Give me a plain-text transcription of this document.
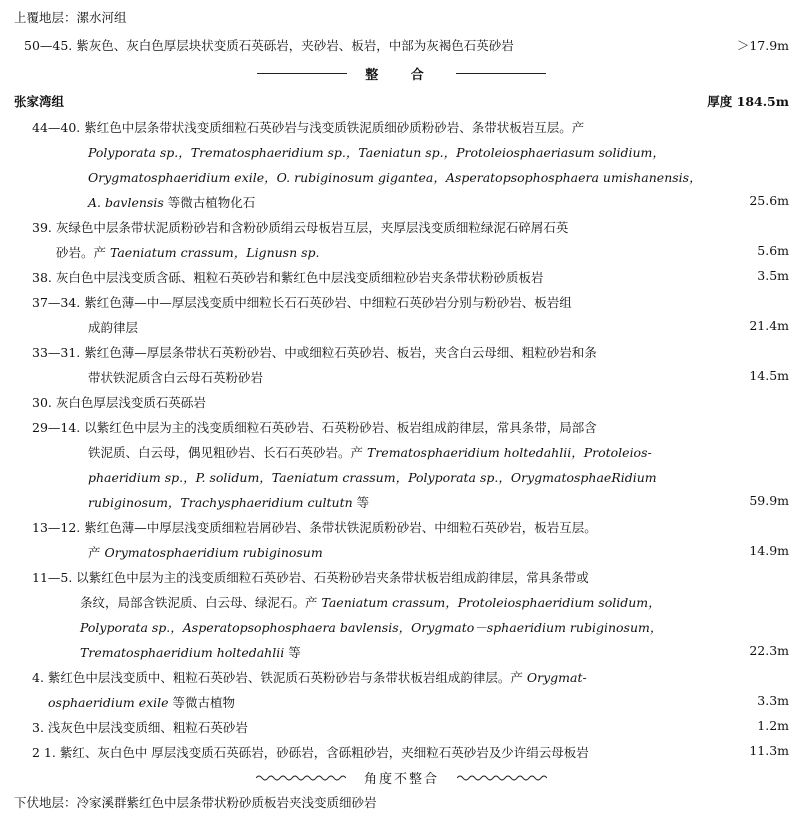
上覆地层：漯水河组
50—45. 紫灰色、灰白色厚层块状变质石英砾岩，夹砂岩、板岩，中部为灰褐色石英砂岩	＞17.9m
整 合
张家湾组	厚度 184.5m
44—40. 紫红色中层条带状浅变质细粒石英砂岩与浅变质铁泥质细砂质粉砂岩、条带状板岩互层。产
Polyporata sp.，Trematosphaeridium sp.，Taeniatun sp.，Protoleiosphaeriasum solidium，
Orygmatosphaeridium exile，O. rubiginosum gigantea，Asperatopsophosphaera umishanensis，
A. bavlensis 等微古植物化石	25.6m
39. 灰绿色中层条带状泥质粉砂岩和含粉砂质绢云母板岩互层，夹厚层浅变质细粒绿泥石碎屑石英
砂岩。产 Taeniatum crassum，Lignusn sp.	5.6m
38. 灰白色中层浅变质含砾、粗粒石英砂岩和紫红色中层浅变质细粒砂岩夹条带状粉砂质板岩	3.5m
37—34. 紫红色薄—中—厚层浅变质中细粒长石石英砂岩、中细粒石英砂岩分别与粉砂岩、板岩组
成韵律层	21.4m
33—31. 紫红色薄—厚层条带状石英粉砂岩、中或细粒石英砂岩、板岩，夹含白云母细、粗粒砂岩和条
带状铁泥质含白云母石英粉砂岩	14.5m
30. 灰白色厚层浅变质石英砾岩
29—14. 以紫红色中层为主的浅变质细粒石英砂岩、石英粉砂岩、板岩组成韵律层，常具条带，局部含
铁泥质、白云母，偶见粗砂岩、长石石英砂岩。产 Trematosphaeridium holtedahlii，Protoleios-
phaeridium sp.，P. solidum，Taeniatum crassum，Polyporata sp.，OrygmatosphaeRidium
rubiginosum，Trachysphaeridium cultutn 等	59.9m
13—12. 紫红色薄—中厚层浅变质细粒岩屑砂岩、条带状铁泥质粉砂岩、中细粒石英砂岩，板岩互层。
产 Orymatosphaeridium rubiginosum	14.9m
11—5. 以紫红色中层为主的浅变质细粒石英砂岩、石英粉砂岩夹条带状板岩组成韵律层，常具条带或
条纹，局部含铁泥质、白云母、绿泥石。产 Taeniatum crassum，Protoleiosphaeridium solidum，
Polyporata sp.，Asperatopsophosphaera bavlensis，Orygmato－sphaeridium rubiginosum，
Trematosphaeridium holtedahlii 等	22.3m
4. 紫红色中层浅变质中、粗粒石英砂岩、铁泥质石英粉砂岩与条带状板岩组成韵律层。产 Orygmat-
osphaeridium exile 等微古植物	3.3m
3. 浅灰色中层浅变质细、粗粒石英砂岩	1.2m
2 1. 紫红、灰白色中 厚层浅变质石英砾岩，砂砾岩，含砾粗砂岩，夹细粒石英砂岩及少许绢云母板岩	11.3m
角度不整合
下伏地层：冷家溪群紫红色中层条带状粉砂质板岩夹浅变质细砂岩
